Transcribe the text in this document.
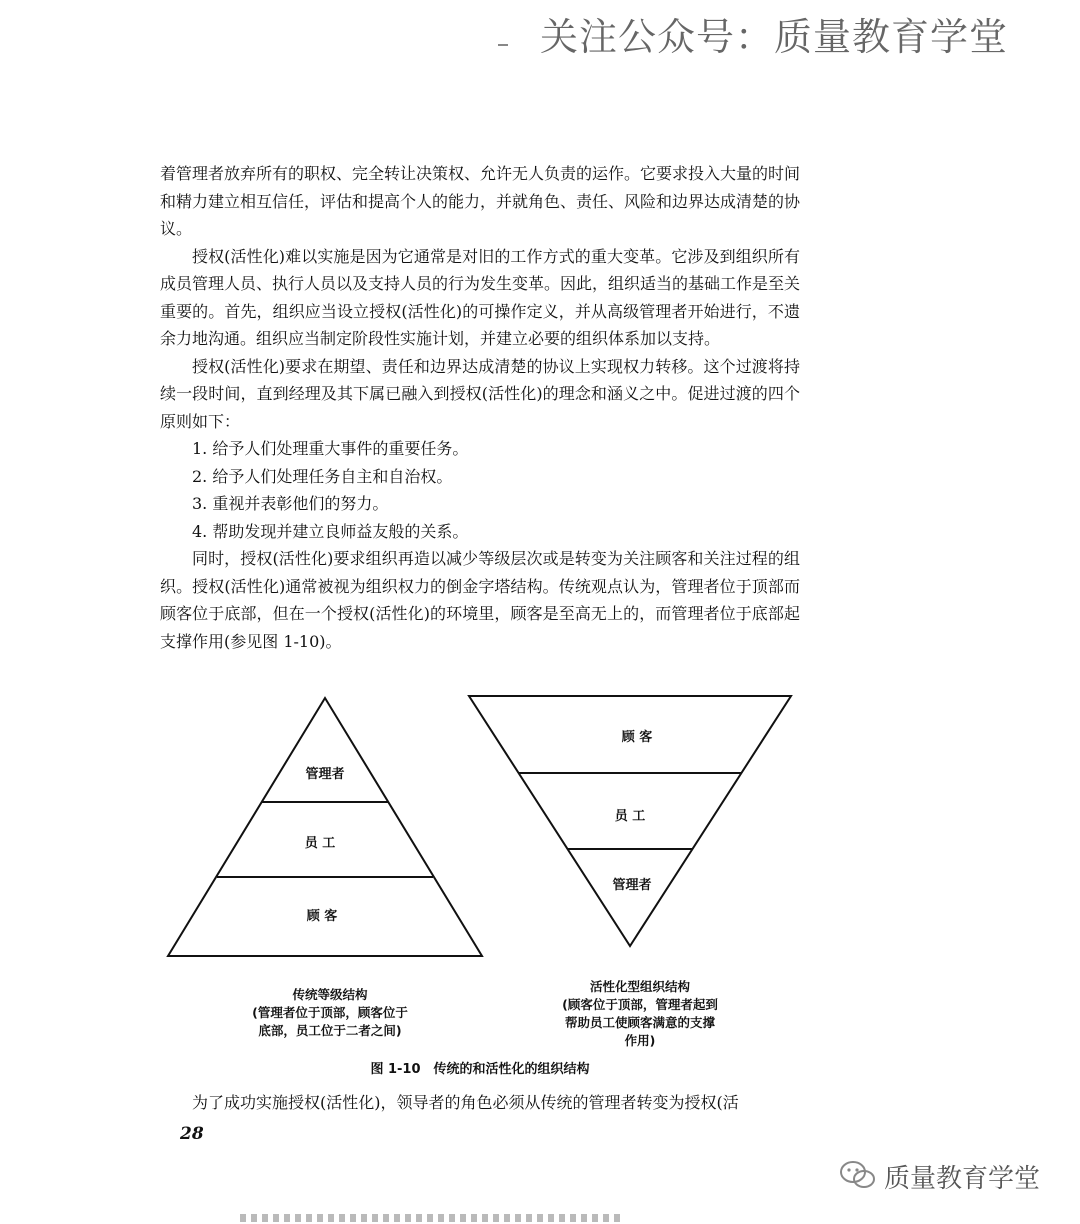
关注公众号：质量教育学堂

着管理者放弃所有的职权、完全转让决策权、允许无人负责的运作。它要求投入大量的时间和精力建立相互信任，评估和提高个人的能力，并就角色、责任、风险和边界达成清楚的协议。

授权(活性化)难以实施是因为它通常是对旧的工作方式的重大变革。它涉及到组织所有成员管理人员、执行人员以及支持人员的行为发生变革。因此，组织适当的基础工作是至关重要的。首先，组织应当设立授权(活性化)的可操作定义，并从高级管理者开始进行，不遗余力地沟通。组织应当制定阶段性实施计划，并建立必要的组织体系加以支持。

授权(活性化)要求在期望、责任和边界达成清楚的协议上实现权力转移。这个过渡将持续一段时间，直到经理及其下属已融入到授权(活性化)的理念和涵义之中。促进过渡的四个原则如下：

1. 给予人们处理重大事件的重要任务。

2. 给予人们处理任务自主和自治权。

3. 重视并表彰他们的努力。

4. 帮助发现并建立良师益友般的关系。

同时，授权(活性化)要求组织再造以减少等级层次或是转变为关注顾客和关注过程的组织。授权(活性化)通常被视为组织权力的倒金字塔结构。传统观点认为，管理者位于顶部而顾客位于底部，但在一个授权(活性化)的环境里，顾客是至高无上的，而管理者位于底部起支撑作用(参见图 1-10)。

管理者
员 工
顾 客
顾 客
员 工
管理者
传统等级结构
(管理者位于顶部，顾客位于
底部，员工位于二者之间)
活性化型组织结构
(顾客位于顶部，管理者起到
帮助员工使顾客满意的支撑
作用)
图 1-10　传统的和活性化的组织结构
为了成功实施授权(活性化)，领导者的角色必须从传统的管理者转变为授权(活
28
质量教育学堂
